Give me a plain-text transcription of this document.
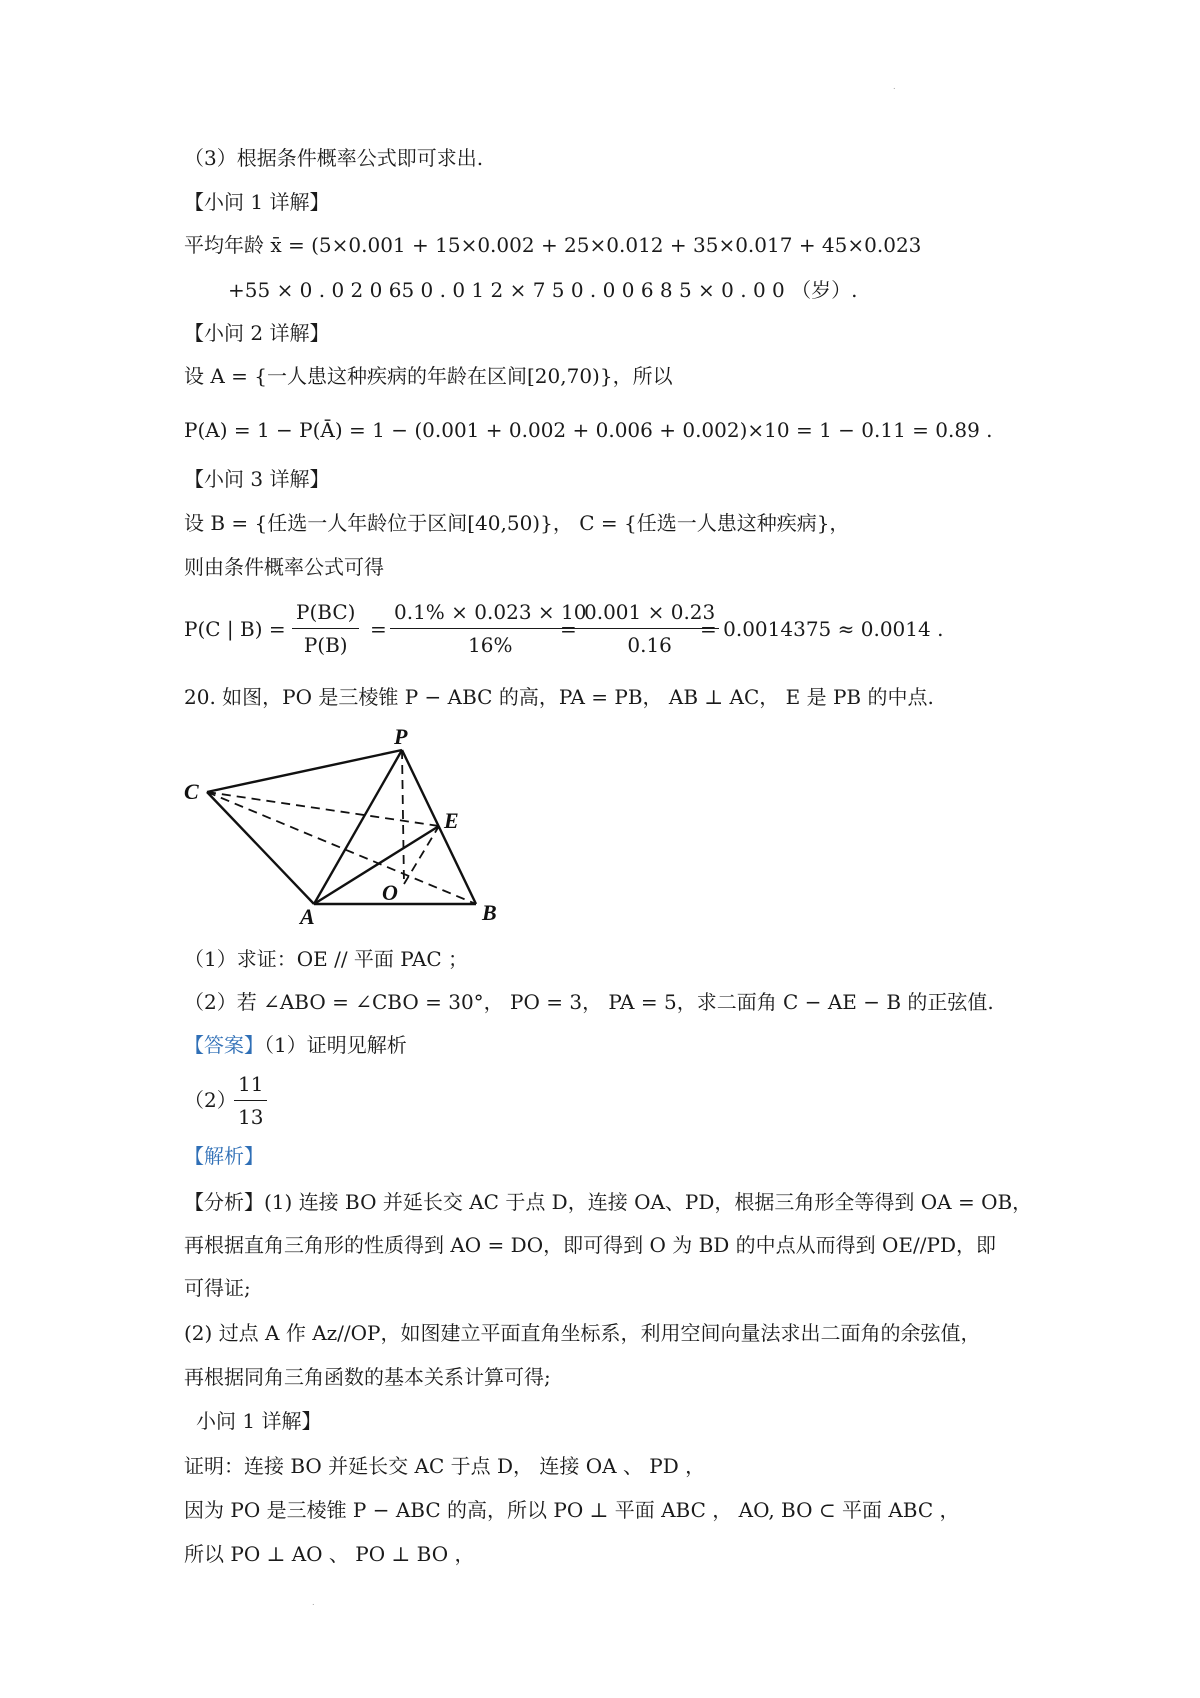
.
（3）根据条件概率公式即可求出.
【小问 1 详解】
平均年龄 x̄ = (5×0.001 + 15×0.002 + 25×0.012 + 35×0.017 + 45×0.023
+55 × 0 . 0 2 0 65 0 . 0 1 2 × 7 5 0 . 0 0 6 8 5 × 0 . 0 0 （岁）.
【小问 2 详解】
设 A = {一人患这种疾病的年龄在区间[20,70)}，所以
P(A) = 1 − P(Ā) = 1 − (0.001 + 0.002 + 0.006 + 0.002)×10 = 1 − 0.11 = 0.89 .
【小问 3 详解】
设 B = {任选一人年龄位于区间[40,50)}， C = {任选一人患这种疾病}，
则由条件概率公式可得
P(C | $B) = \frac{P(BC)}{P(B)} = \frac{0.1\% \times 0.023 \times 10}{16\%}$
= $\frac{0.001 \times 0.23}{0.16}$
= 0.0014375 ≈ 0.0014 .
20. 如图，PO 是三棱锥 P − ABC 的高，PA = PB， AB ⊥ AC， E 是 PB 的中点.
P
C
E
A
O
B
（1）求证：OE // 平面 PAC ；
（2）若 ∠ABO = ∠CBO = 30°， PO = 3， PA = 5，求二面角 C − AE − B 的正弦值.
【答案】（1）证明见解析
（2）
$\frac{11}{13}$
【解析】
【分析】(1) 连接 BO 并延长交 AC 于点 D，连接 OA、PD，根据三角形全等得到 OA = OB，
再根据直角三角形的性质得到 AO = DO，即可得到 O 为 BD 的中点从而得到 OE//PD，即
可得证;
(2) 过点 A 作 Az//OP，如图建立平面直角坐标系，利用空间向量法求出二面角的余弦值，
再根据同角三角函数的基本关系计算可得;
小问 1 详解】
证明：连接 BO 并延长交 AC 于点 D， 连接 OA 、 PD ，
因为 PO 是三棱锥 P − ABC 的高，所以 PO ⊥ 平面 ABC ， AO, BO ⊂ 平面 ABC ，
所以 PO ⊥ AO 、 PO ⊥ BO ，
.
